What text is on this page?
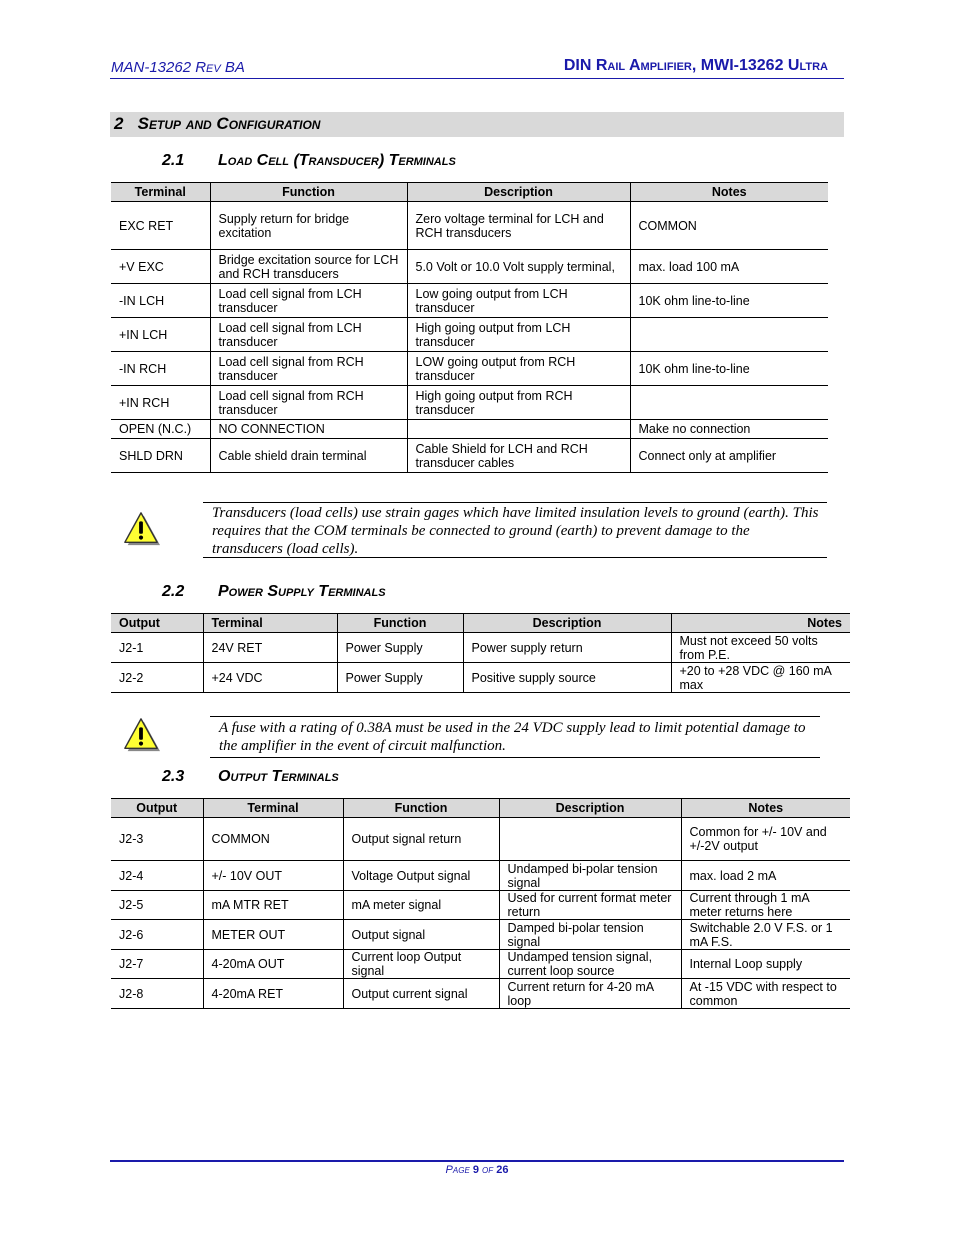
MAN-13262 Rev BA	DIN Rail Amplifier, MWI-13262 Ultra
2 Setup and Configuration
2.1 Load Cell (Transducer) Terminals
Terminal	Function	Description	Notes
EXC RET	Supply return for bridge excitation	Zero voltage terminal for LCH and RCH transducers	COMMON
+V EXC	Bridge excitation source for LCH and RCH transducers	5.0 Volt or 10.0 Volt supply terminal,	max. load 100 mA
-IN LCH	Load cell signal from LCH transducer	Low going output from LCH transducer	10K ohm line-to-line
+IN LCH	Load cell signal from LCH transducer	High going output from LCH transducer	
-IN RCH	Load cell signal from RCH transducer	LOW going output from RCH transducer	10K ohm line-to-line
+IN RCH	Load cell signal from RCH transducer	High going output from RCH transducer	
OPEN (N.C.)	NO CONNECTION		Make no connection
SHLD DRN	Cable shield drain terminal	Cable Shield for LCH and RCH transducer cables	Connect only at amplifier
Transducers (load cells) use strain gages which have limited insulation levels to ground (earth). This requires that the COM terminals be connected to ground (earth) to prevent damage to the transducers (load cells).
2.2 Power Supply Terminals
Output	Terminal	Function	Description	Notes
J2-1	24V RET	Power Supply	Power supply return	Must not exceed 50 volts from P.E.
J2-2	+24 VDC	Power Supply	Positive supply source	+20 to +28 VDC @ 160 mA max
A fuse with a rating of 0.38A must be used in the 24 VDC supply lead to limit potential damage to the amplifier in the event of circuit malfunction.
2.3 Output Terminals
Output	Terminal	Function	Description	Notes
J2-3	COMMON	Output signal return		Common for +/- 10V and +/-2V output
J2-4	+/- 10V OUT	Voltage Output signal	Undamped bi-polar tension signal	max. load 2 mA
J2-5	mA MTR RET	mA meter signal	Used for current format meter return	Current through 1 mA meter returns here
J2-6	METER OUT	Output signal	Damped bi-polar tension signal	Switchable 2.0 V F.S. or 1 mA F.S.
J2-7	4-20mA OUT	Current loop Output signal	Undamped tension signal, current loop source	Internal Loop supply
J2-8	4-20mA RET	Output current signal	Current return for 4-20 mA loop	At -15 VDC with respect to common
Page 9 of 26
